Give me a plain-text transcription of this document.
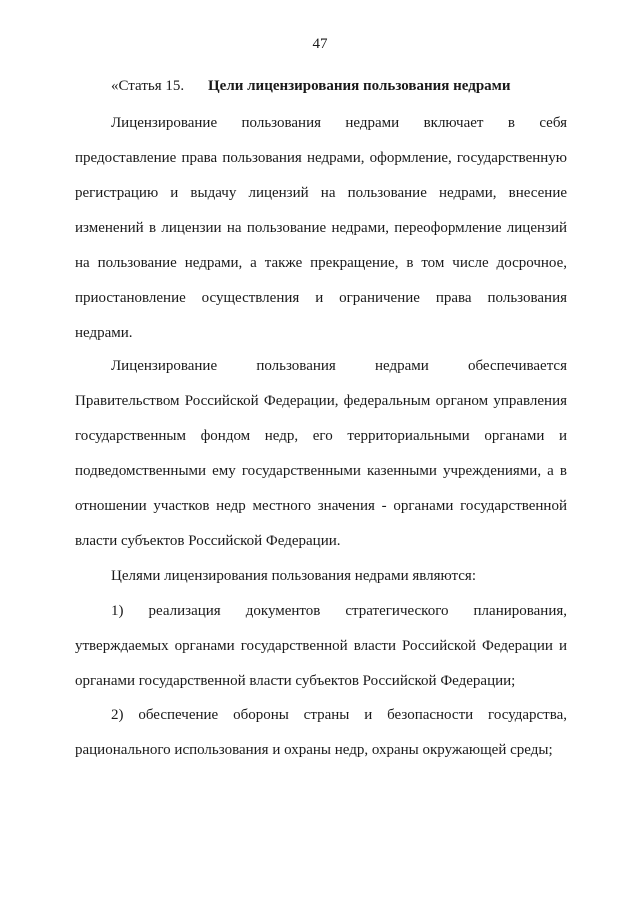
47
«Статья 15. Цели лицензирования пользования недрами
Лицензирование пользования недрами включает в себя
предоставление права пользования недрами, оформление, государственную
регистрацию и выдачу лицензий на пользование недрами, внесение
изменений в лицензии на пользование недрами, переоформление лицензий
на пользование недрами, а также прекращение, в том числе досрочное,
приостановление осуществления и ограничение права пользования
недрами.
Лицензирование пользования недрами обеспечивается
Правительством Российской Федерации, федеральным органом управления
государственным фондом недр, его территориальными органами и
подведомственными ему государственными казенными учреждениями, а в
отношении участков недр местного значения - органами государственной
власти субъектов Российской Федерации.
Целями лицензирования пользования недрами являются:
1) реализация документов стратегического планирования,
утверждаемых органами государственной власти Российской Федерации и
органами государственной власти субъектов Российской Федерации;
2) обеспечение обороны страны и безопасности государства,
рационального использования и охраны недр, охраны окружающей среды;
